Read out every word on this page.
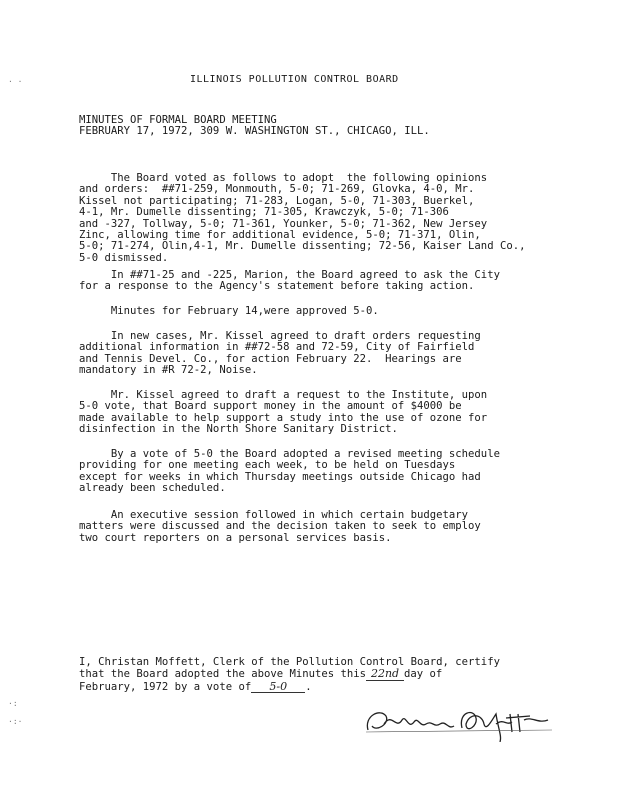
ILLINOIS POLLUTION CONTROL BOARD
MINUTES OF FORMAL BOARD MEETING
FEBRUARY 17, 1972, 309 W. WASHINGTON ST., CHICAGO, ILL.
The Board voted as follows to adopt  the following opinions
and orders:  ##71-259, Monmouth, 5-0; 71-269, Glovka, 4-0, Mr.
Kissel not participating; 71-283, Logan, 5-0, 71-303, Buerkel,
4-1, Mr. Dumelle dissenting; 71-305, Krawczyk, 5-0; 71-306
and -327, Tollway, 5-0; 71-361, Younker, 5-0; 71-362, New Jersey
Zinc, allowing time for additional evidence, 5-0; 71-371, Olin,
5-0; 71-274, Olin,4-1, Mr. Dumelle dissenting; 72-56, Kaiser Land Co.,
5-0 dismissed.
In ##71-25 and -225, Marion, the Board agreed to ask the City
for a response to the Agency's statement before taking action.
Minutes for February 14,were approved 5-0.
In new cases, Mr. Kissel agreed to draft orders requesting
additional information in ##72-58 and 72-59, City of Fairfield
and Tennis Devel. Co., for action February 22.  Hearings are
mandatory in #R 72-2, Noise.
Mr. Kissel agreed to draft a request to the Institute, upon
5-0 vote, that Board support money in the amount of $4000 be
made available to help support a study into the use of ozone for
disinfection in the North Shore Sanitary District.
By a vote of 5-0 the Board adopted a revised meeting schedule
providing for one meeting each week, to be held on Tuesdays
except for weeks in which Thursday meetings outside Chicago had
already been scheduled.
An executive session followed in which certain budgetary
matters were discussed and the decision taken to seek to employ
two court reporters on a personal services basis.
I, Christan Moffett, Clerk of the Pollution Control Board, certify
that the Board adopted the above Minutes this 22nd day of
February, 1972 by a vote of 5-0 .
· ·
·:
·:·
